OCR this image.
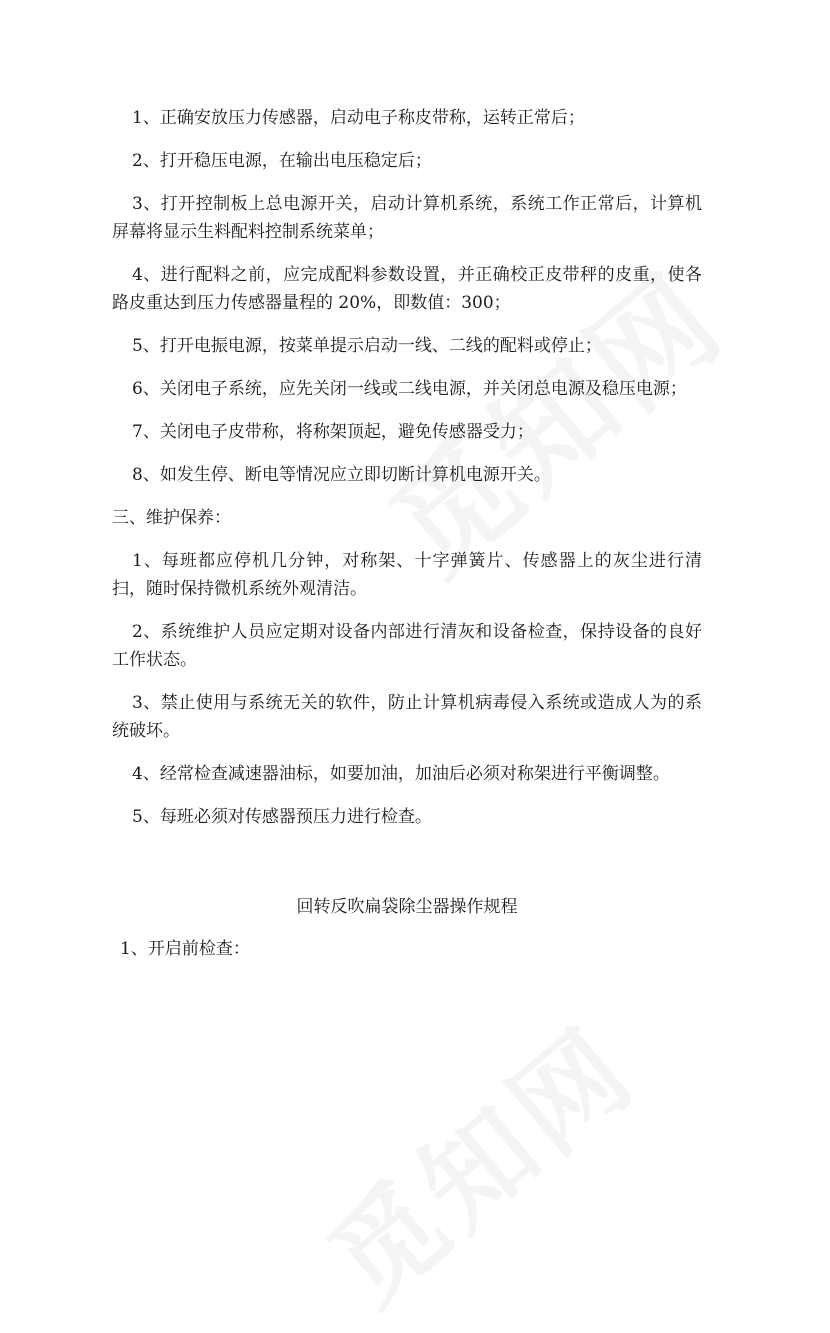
1、正确安放压力传感器，启动电子称皮带称，运转正常后；

2、打开稳压电源，在输出电压稳定后；

3、打开控制板上总电源开关，启动计算机系统，系统工作正常后，计算机屏幕将显示生料配料控制系统菜单；

4、进行配料之前，应完成配料参数设置，并正确校正皮带秤的皮重，使各路皮重达到压力传感器量程的 20%，即数值：300；

5、打开电振电源，按菜单提示启动一线、二线的配料或停止；

6、关闭电子系统，应先关闭一线或二线电源，并关闭总电源及稳压电源；

7、关闭电子皮带称，将称架顶起，避免传感器受力；

8、如发生停、断电等情况应立即切断计算机电源开关。

三、维护保养：

1、每班都应停机几分钟，对称架、十字弹簧片、传感器上的灰尘进行清扫，随时保持微机系统外观清洁。

2、系统维护人员应定期对设备内部进行清灰和设备检查，保持设备的良好工作状态。

3、禁止使用与系统无关的软件，防止计算机病毒侵入系统或造成人为的系统破坏。

4、经常检查减速器油标，如要加油，加油后必须对称架进行平衡调整。

5、每班必须对传感器预压力进行检查。

回转反吹扁袋除尘器操作规程

1、开启前检查：
